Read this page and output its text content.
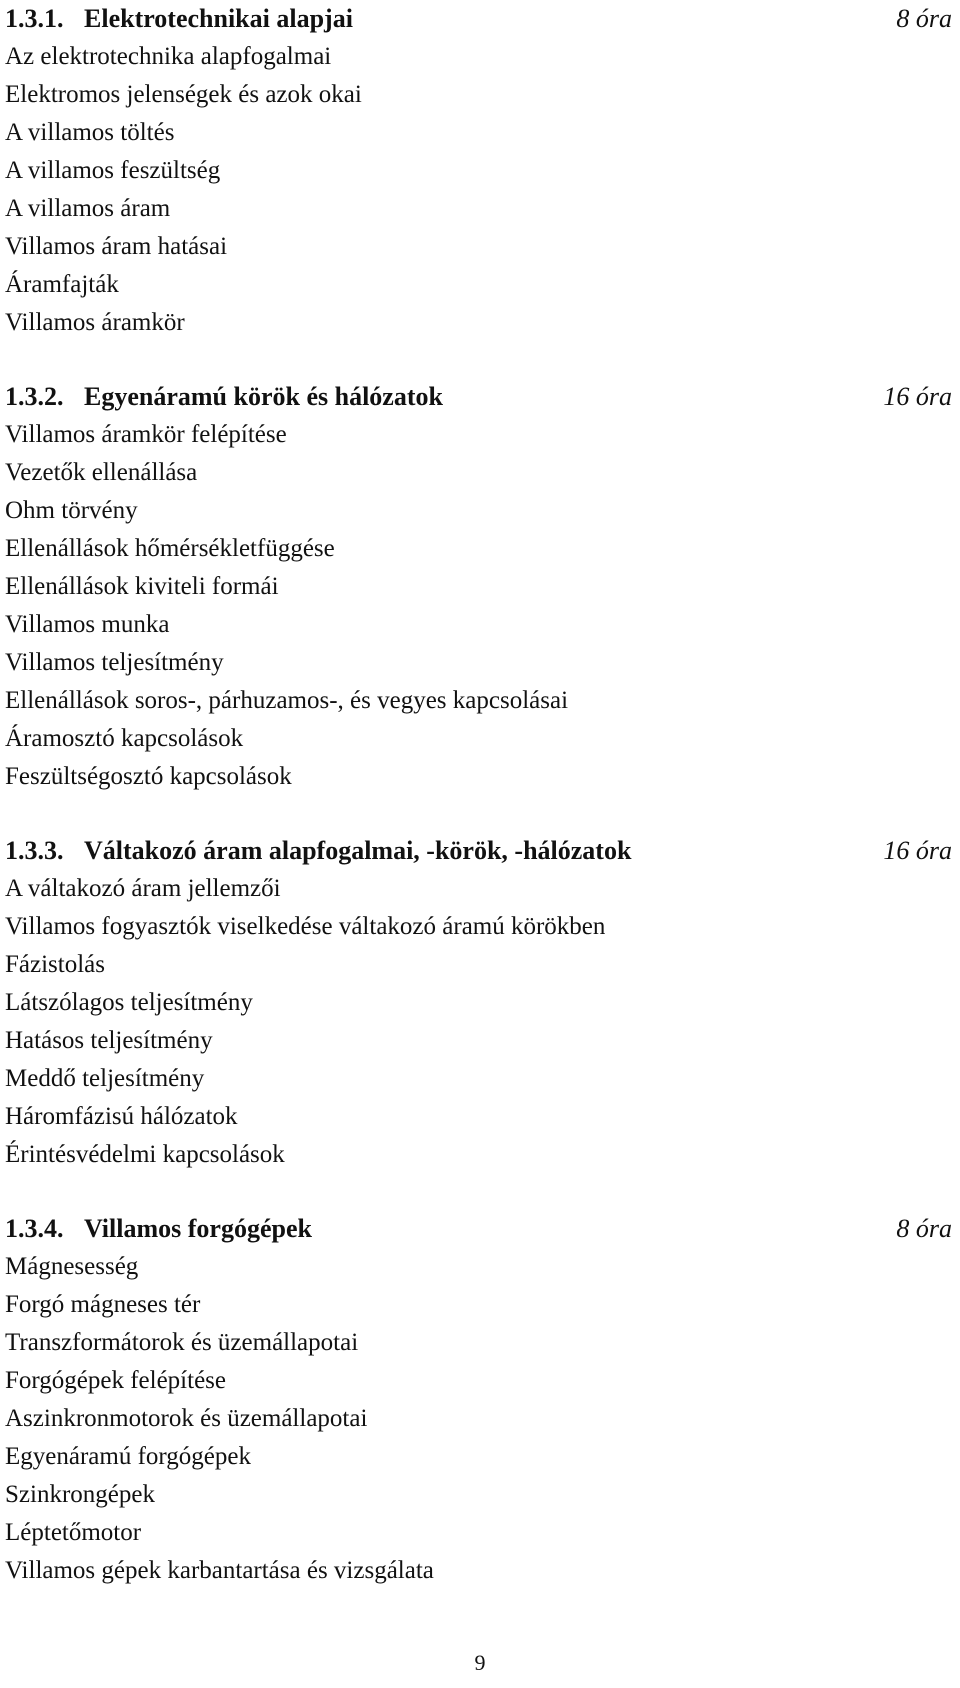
1.3.1. Elektrotechnikai alapjai	8 óra
Az elektrotechnika alapfogalmai
Elektromos jelenségek és azok okai
A villamos töltés
A villamos feszültség
A villamos áram
Villamos áram hatásai
Áramfajták
Villamos áramkör
1.3.2. Egyenáramú körök és hálózatok	16 óra
Villamos áramkör felépítése
Vezetők ellenállása
Ohm törvény
Ellenállások hőmérsékletfüggése
Ellenállások kiviteli formái
Villamos munka
Villamos teljesítmény
Ellenállások soros-, párhuzamos-, és vegyes kapcsolásai
Áramosztó kapcsolások
Feszültségosztó kapcsolások
1.3.3. Váltakozó áram alapfogalmai, -körök, -hálózatok	16 óra
A váltakozó áram jellemzői
Villamos fogyasztók viselkedése váltakozó áramú körökben
Fázistolás
Látszólagos teljesítmény
Hatásos teljesítmény
Meddő teljesítmény
Háromfázisú hálózatok
Érintésvédelmi kapcsolások
1.3.4. Villamos forgógépek	8 óra
Mágnesesség
Forgó mágneses tér
Transzformátorok és üzemállapotai
Forgógépek felépítése
Aszinkronmotorok és üzemállapotai
Egyenáramú forgógépek
Szinkrongépek
Léptetőmotor
Villamos gépek karbantartása és vizsgálata
9
